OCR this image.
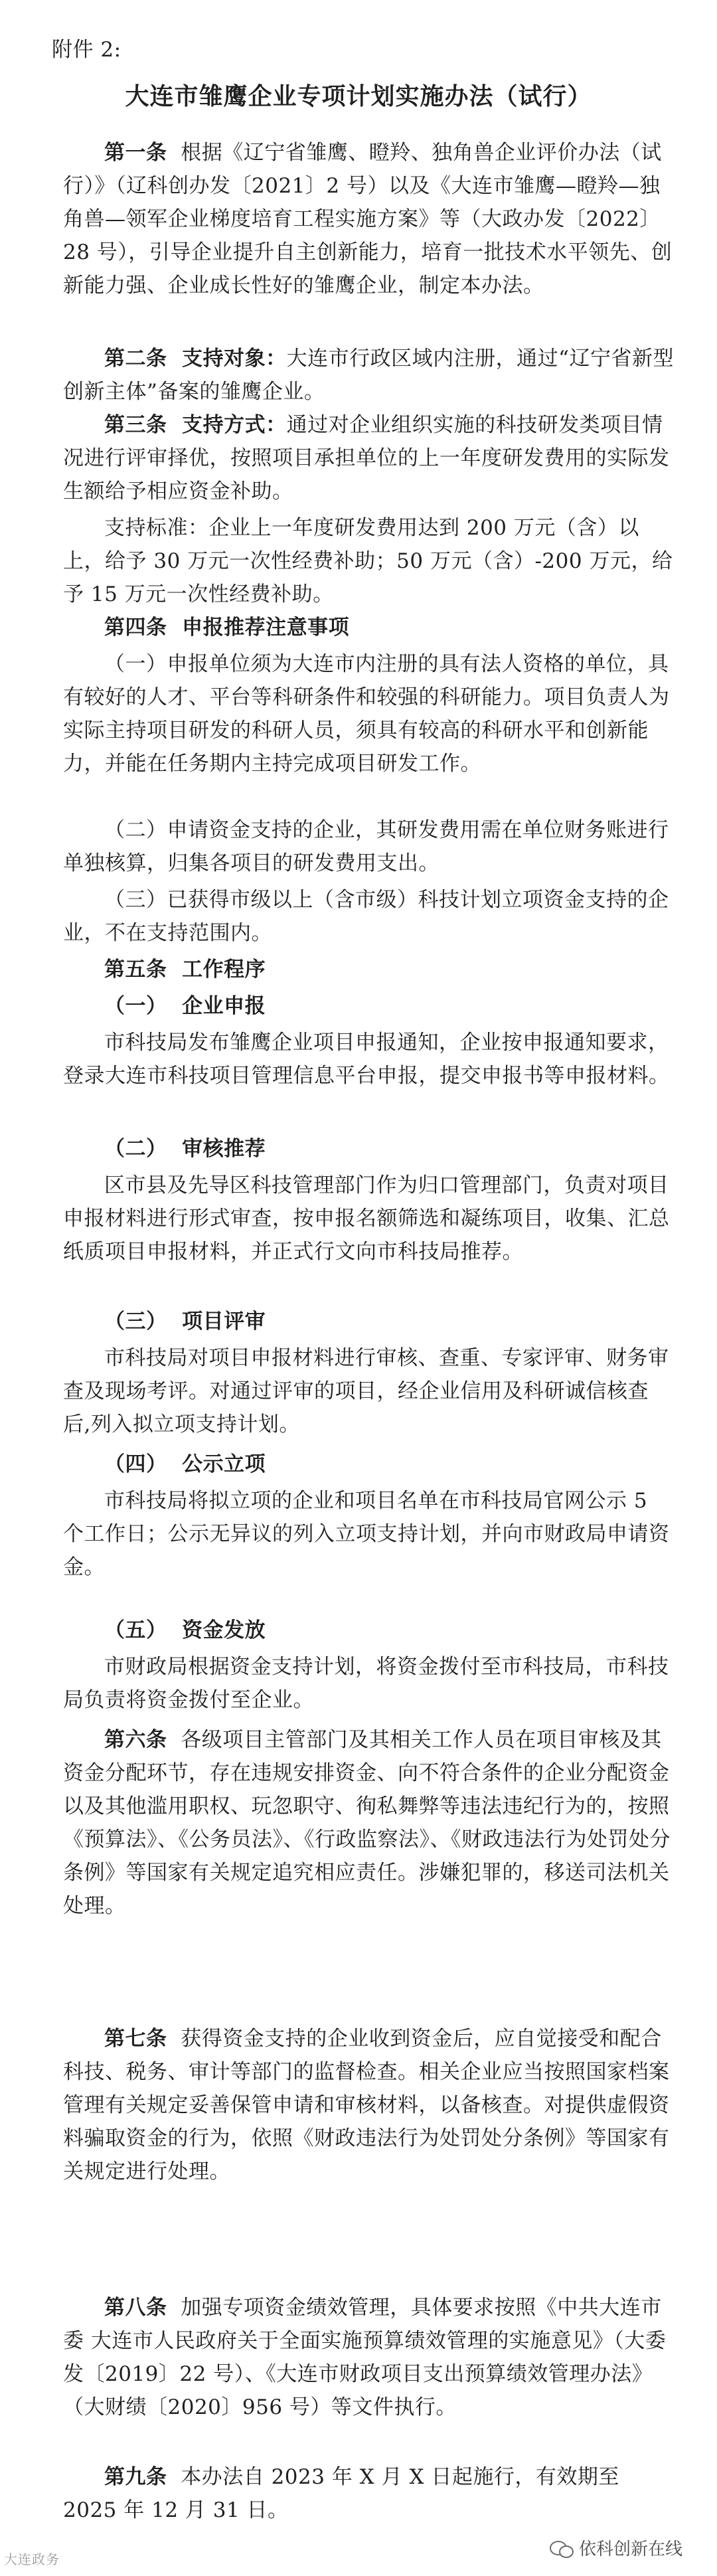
附件 2:

大连市雏鹰企业专项计划实施办法（试行）

第一条 根据《辽宁省雏鹰、瞪羚、独角兽企业评价办法（试行）》（辽科创办发〔2021〕2 号）以及《大连市雏鹰—瞪羚—独角兽—领军企业梯度培育工程实施方案》等（大政办发〔2022〕28 号），引导企业提升自主创新能力，培育一批技术水平领先、创新能力强、企业成长性好的雏鹰企业，制定本办法。

第二条  支持对象：大连市行政区域内注册，通过“辽宁省新型创新主体”备案的雏鹰企业。

第三条  支持方式：通过对企业组织实施的科技研发类项目情况进行评审择优，按照项目承担单位的上一年度研发费用的实际发生额给予相应资金补助。

支持标准：企业上一年度研发费用达到 200 万元（含）以上，给予 30 万元一次性经费补助；50 万元（含）-200 万元，给予 15 万元一次性经费补助。

第四条  申报推荐注意事项

（一）申报单位须为大连市内注册的具有法人资格的单位，具有较好的人才、平台等科研条件和较强的科研能力。项目负责人为实际主持项目研发的科研人员，须具有较高的科研水平和创新能力，并能在任务期内主持完成项目研发工作。

（二）申请资金支持的企业，其研发费用需在单位财务账进行单独核算，归集各项目的研发费用支出。

（三）已获得市级以上（含市级）科技计划立项资金支持的企业，不在支持范围内。

第五条  工作程序

（一）  企业申报

市科技局发布雏鹰企业项目申报通知，企业按申报通知要求，登录大连市科技项目管理信息平台申报，提交申报书等申报材料。

（二）  审核推荐

区市县及先导区科技管理部门作为归口管理部门，负责对项目申报材料进行形式审查，按申报名额筛选和凝练项目，收集、汇总纸质项目申报材料，并正式行文向市科技局推荐。

（三）  项目评审

市科技局对项目申报材料进行审核、查重、专家评审、财务审查及现场考评。对通过评审的项目，经企业信用及科研诚信核查后,列入拟立项支持计划。

（四）  公示立项

市科技局将拟立项的企业和项目名单在市科技局官网公示 5 个工作日；公示无异议的列入立项支持计划，并向市财政局申请资金。

（五）  资金发放

市财政局根据资金支持计划，将资金拨付至市科技局，市科技局负责将资金拨付至企业。

第六条 各级项目主管部门及其相关工作人员在项目审核及其资金分配环节，存在违规安排资金、向不符合条件的企业分配资金以及其他滥用职权、玩忽职守、徇私舞弊等违法违纪行为的，按照《预算法》、《公务员法》、《行政监察法》、《财政违法行为处罚处分条例》等国家有关规定追究相应责任。涉嫌犯罪的，移送司法机关处理。

第七条 获得资金支持的企业收到资金后，应自觉接受和配合科技、税务、审计等部门的监督检查。相关企业应当按照国家档案管理有关规定妥善保管申请和审核材料，以备核查。对提供虚假资料骗取资金的行为，依照《财政违法行为处罚处分条例》等国家有关规定进行处理。

第八条 加强专项资金绩效管理，具体要求按照《中共大连市委 大连市人民政府关于全面实施预算绩效管理的实施意见》（大委发〔2019〕22 号）、《大连市财政项目支出预算绩效管理办法》（大财绩〔2020〕956 号）等文件执行。

第九条 本办法自 2023 年 X 月 X 日起施行，有效期至 2025 年 12 月 31 日。

依科创新在线
大连政务
